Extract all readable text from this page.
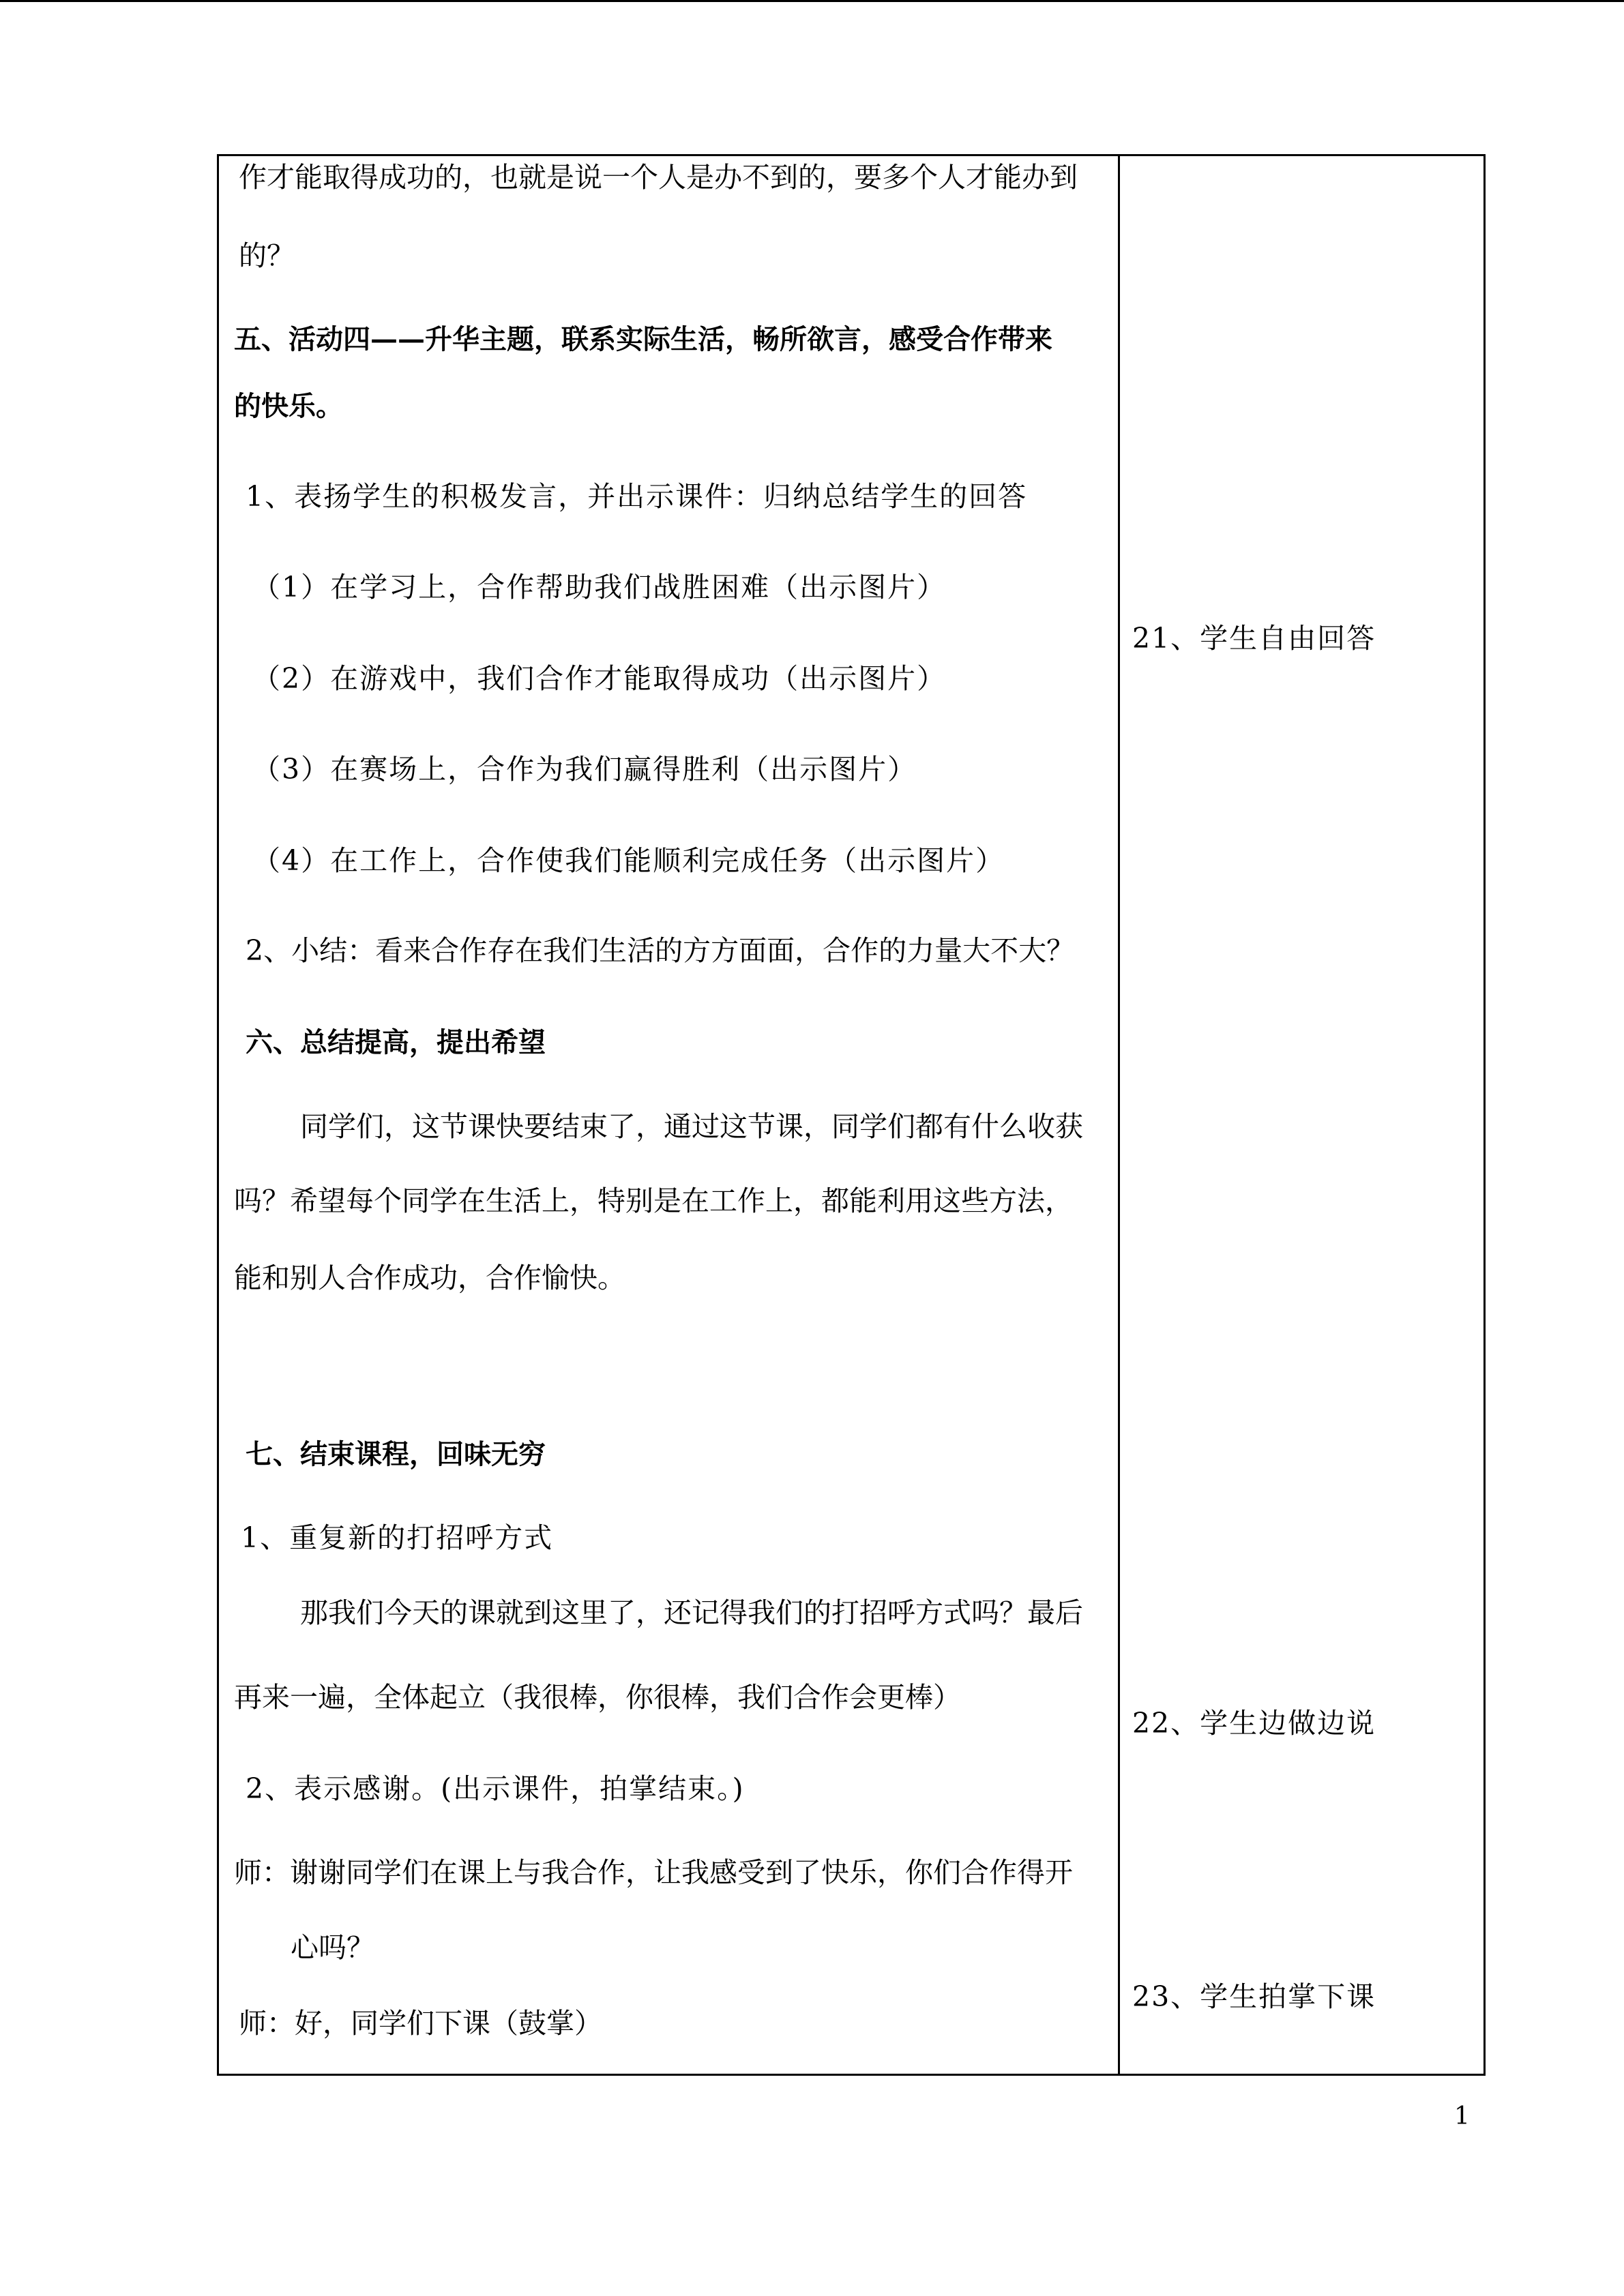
作才能取得成功的，也就是说一个人是办不到的，要多个人才能办到
的？
五、活动四——升华主题，联系实际生活，畅所欲言，感受合作带来
的快乐。
1、表扬学生的积极发言，并出示课件：归纳总结学生的回答
（1）在学习上，合作帮助我们战胜困难（出示图片）
（2）在游戏中，我们合作才能取得成功（出示图片）
（3）在赛场上，合作为我们赢得胜利（出示图片）
（4）在工作上，合作使我们能顺利完成任务（出示图片）
2、小结：看来合作存在我们生活的方方面面，合作的力量大不大？
六、总结提高，提出希望
同学们，这节课快要结束了，通过这节课，同学们都有什么收获
吗？希望每个同学在生活上，特别是在工作上，都能利用这些方法，
能和别人合作成功，合作愉快。
七、结束课程，回味无穷
1、重复新的打招呼方式
那我们今天的课就到这里了，还记得我们的打招呼方式吗？最后
再来一遍，全体起立（我很棒，你很棒，我们合作会更棒）
2、表示感谢。(出示课件，拍掌结束。)
师：谢谢同学们在课上与我合作，让我感受到了快乐，你们合作得开
心吗？
师：好，同学们下课（鼓掌）
21、学生自由回答
22、学生边做边说
23、学生拍掌下课
1
